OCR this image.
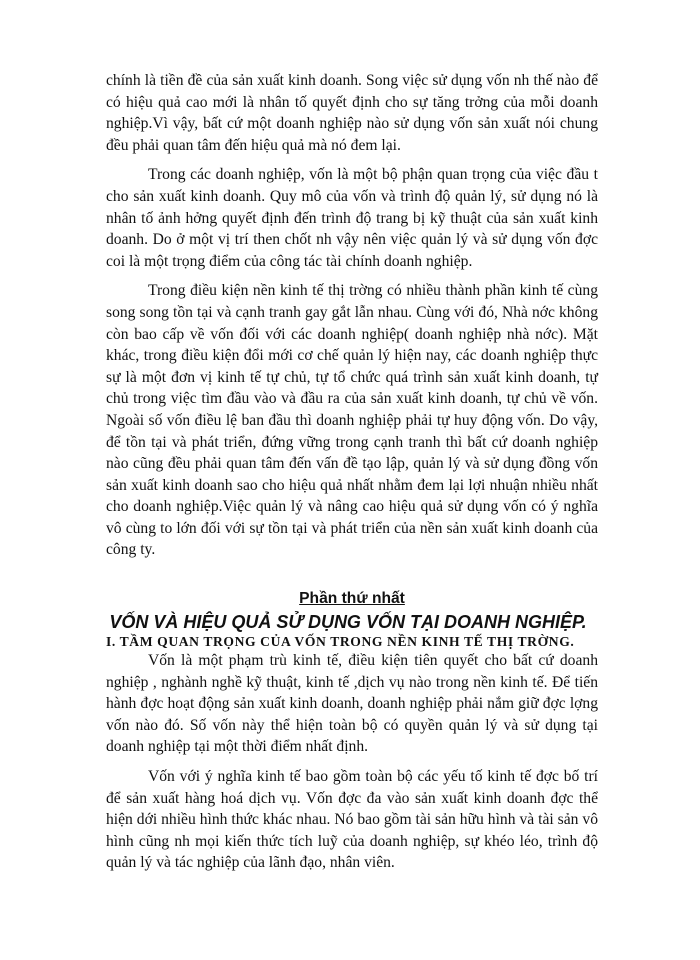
chính là tiền đề của sản xuất kinh doanh. Song việc sử dụng vốn nh thế nào để có hiệu quả cao mới là nhân tố quyết định cho sự tăng trởng của mỗi doanh nghiệp.Vì vậy, bất cứ một doanh nghiệp nào sử dụng vốn sản xuất nói chung đều phải quan tâm đến hiệu quả mà nó đem lại.

Trong các doanh nghiệp, vốn là một bộ phận quan trọng của việc đầu t cho sản xuất kinh doanh. Quy mô của vốn và trình độ quản lý, sử dụng nó là nhân tố ảnh hởng quyết định đến trình độ trang bị kỹ thuật của sản xuất kinh doanh. Do ở một vị trí then chốt nh vậy nên việc quản lý và sử dụng vốn đợc coi là một trọng điểm của công tác tài chính doanh nghiệp.

Trong điều kiện nền kinh tế thị trờng có nhiều thành phần kinh tế cùng song song tồn tại và cạnh tranh gay gắt lẫn nhau. Cùng với đó, Nhà nớc không còn bao cấp về vốn đối với các doanh nghiệp( doanh nghiệp nhà nớc). Mặt khác, trong điều kiện đổi mới cơ chế quản lý hiện nay, các doanh nghiệp thực sự là một đơn vị kinh tế tự chủ, tự tổ chức quá trình sản xuất kinh doanh, tự chủ trong việc tìm đầu vào và đầu ra của sản xuất kinh doanh, tự chủ về vốn. Ngoài số vốn điều lệ ban đầu thì doanh nghiệp phải tự huy động vốn. Do vậy, để tồn tại và phát triển, đứng vững trong cạnh tranh thì bất cứ doanh nghiệp nào cũng đều phải quan tâm đến vấn đề tạo lập, quản lý và sử dụng đồng vốn sản xuất kinh doanh sao cho hiệu quả nhất nhằm đem lại lợi nhuận nhiều nhất cho doanh nghiệp.Việc quản lý và nâng cao hiệu quả sử dụng vốn có ý nghĩa vô cùng to lớn đối với sự tồn tại và phát triển của nền sản xuất kinh doanh của công ty.

Phần thứ nhất
VỐN VÀ HIỆU QUẢ SỬ DỤNG VỐN TẠI DOANH NGHIỆP.
I. TẦM QUAN TRỌNG CỦA VỐN TRONG NỀN KINH TẾ THỊ TRỜNG.

Vốn là một phạm trù kinh tế, điều kiện tiên quyết cho bất cứ doanh nghiệp , nghành nghề kỹ thuật, kinh tế ,dịch vụ nào trong nền kinh tế. Để tiến hành đợc hoạt động sản xuất kinh doanh, doanh nghiệp phải nắm giữ đợc lợng vốn nào đó. Số vốn này thể hiện toàn bộ có quyền quản lý và sử dụng tại doanh nghiệp tại một thời điểm nhất định.

Vốn với ý nghĩa kinh tế bao gồm toàn bộ các yếu tố kinh tế đợc bố trí để sản xuất hàng hoá dịch vụ. Vốn đợc đa vào sản xuất kinh doanh đợc thể hiện dới nhiều hình thức khác nhau. Nó bao gồm tài sản hữu hình và tài sản vô hình cũng nh mọi kiến thức tích luỹ của doanh nghiệp, sự khéo léo, trình độ quản lý và tác nghiệp của lãnh đạo, nhân viên.
